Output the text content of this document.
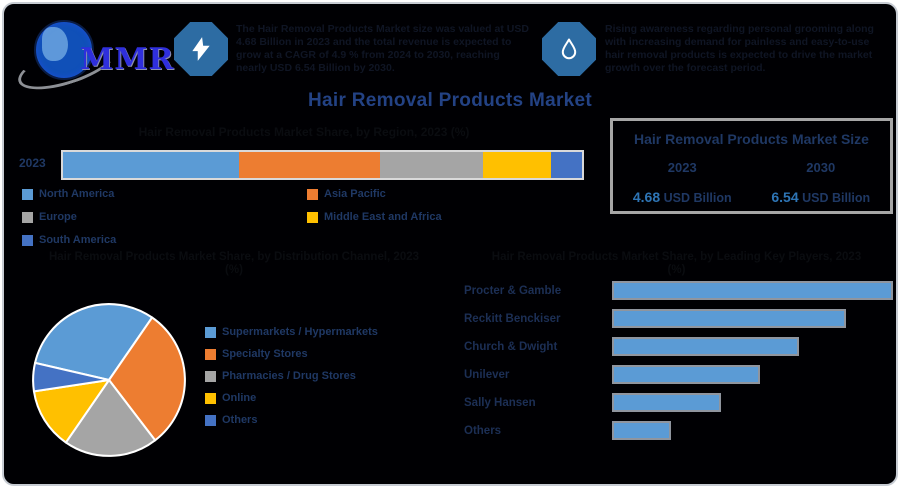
MMR
The Hair Removal Products Market size was valued at USD 4.68 Billion in 2023 and the total revenue is expected to grow at a CAGR of 4.9 % from 2024 to 2030, reaching nearly USD 6.54 Billion by 2030.
Rising awareness regarding personal grooming along with increasing demand for painless and easy-to-use hair removal products is expected to drive the market growth over the forecast period.
Hair Removal Products Market
Hair Removal Products Market Share, by Region, 2023 (%)
2023
North America
Europe
South America
Asia Pacific
Middle East and Africa
Hair Removal Products Market Size
2023	2030
4.68 USD Billion	6.54 USD Billion
Hair Removal Products Market Share, by Distribution Channel, 2023
(%)
Hair Removal Products Market Share, by Leading Key Players, 2023
(%)
Supermarkets / Hypermarkets
Specialty Stores
Pharmacies / Drug Stores
Online
Others
Procter & Gamble
Reckitt Benckiser
Church & Dwight
Unilever
Sally Hansen
Others
